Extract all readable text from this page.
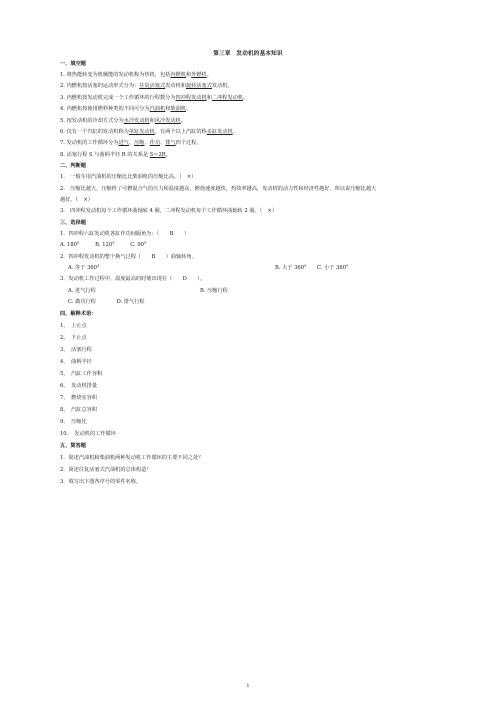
第三章　发动机的基本知识
一、填空题
1. 将热能转变为机械能的发动机称为热机，包括内燃机和外燃机。
2. 内燃机按活塞的运动形式分为：往复活塞式发动机和旋转活塞式发动机。
3. 内燃机按发动机完成一个工作循环的行程数分为四冲程发动机和二冲程发动机。
4. 内燃机按使用燃料种类的不同可分为汽油机和柴油机。
5. 按发动机的冷却方式分为水冷发动机和风冷发动机。
6. 仅有一个汽缸的发动机称为单缸发动机，有两个以上汽缸的称多缸发动机。
7. 发动机的工作循环分为进气、压缩、作功、排气四个过程。
8. 活塞行程 S 与曲柄半径 R 的关系是 S＝2R。
二、判断题
1.　一般车用汽油机的压缩比比柴油机的压缩比高。（　×）
2.　压缩比越大，压缩终了可燃混合气的压力和温度越高，燃烧速度越快，热效率越高，发动机的动力性和经济性越好，所以说压缩比越大
越好。（　×）
3.　四冲程发动机每个工作循环曲轴转 4 圈，二冲程发动机每个工作循环曲轴转 2 圈。（　×）
三、选择题
1．四冲程六缸发动机各缸作功间隔角为：（　　B　　）
A. 180°　　　B. 120°　　　C. 90°
2．四冲程发动机的整个换气过程（　　B　　）曲轴转角。
A. 等于 360°	B. 大于 360°　　C. 小于 360°
3．发动机工作过程中，温度最高的时刻出现在（　　D　　）。
A. 进气行程	B. 压缩行程
C. 做功行程　　　　D. 排气行程
四、解释术语：
1、　上止点
2、　下止点
3、　活塞行程
4、　曲柄半径
5、　汽缸工作容积
6、　发动机排量
7、　燃烧室容积
8、　汽缸总容积
9、　压缩比
10、　发动机的工作循环
五、简答题
1．简述汽油机和柴油机两种发动机工作循环的主要不同之处？
2．简述往复活塞式汽油机的总体构造！
3．填写出下图各序号的零件名称。
1
